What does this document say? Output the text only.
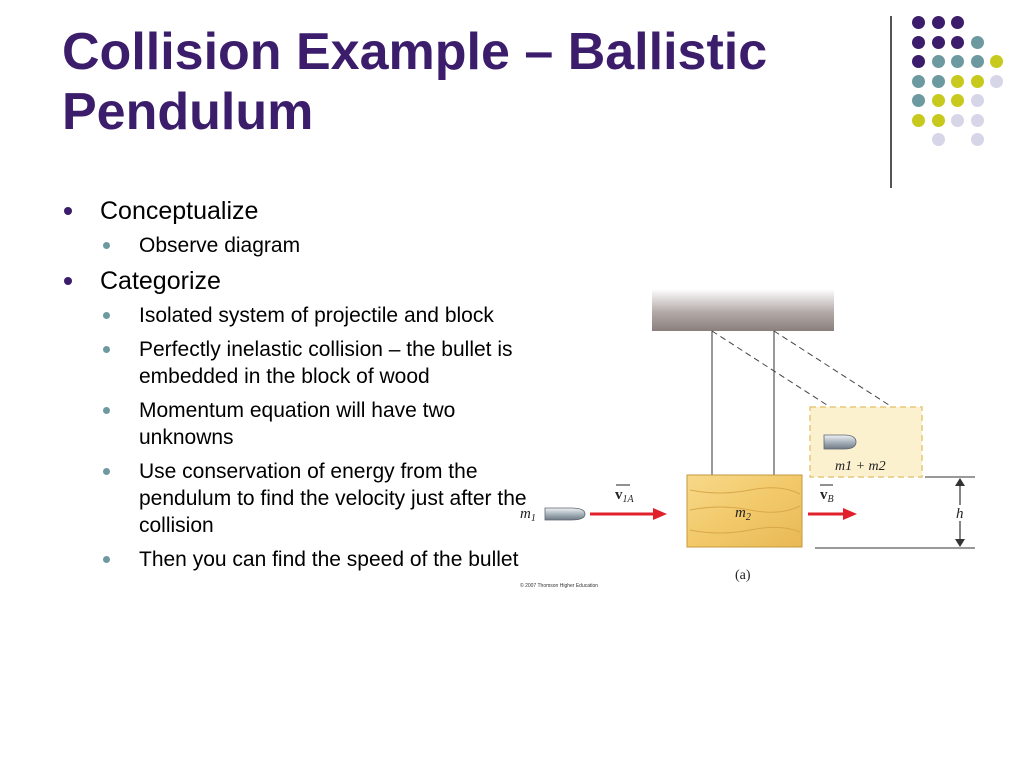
Collision Example – Ballistic Pendulum
Conceptualize
Observe diagram
Categorize
Isolated system of projectile and block
Perfectly inelastic collision – the bullet is embedded in the block of wood
Momentum equation will have two unknowns
Use conservation of energy from the pendulum to find the velocity just after the collision
Then you can find the speed of the bullet
m1 + m2
$m_2$
$m_1$
$v_{1A}$	$v_B$
h
(a)
© 2007 Thomson Higher Education
